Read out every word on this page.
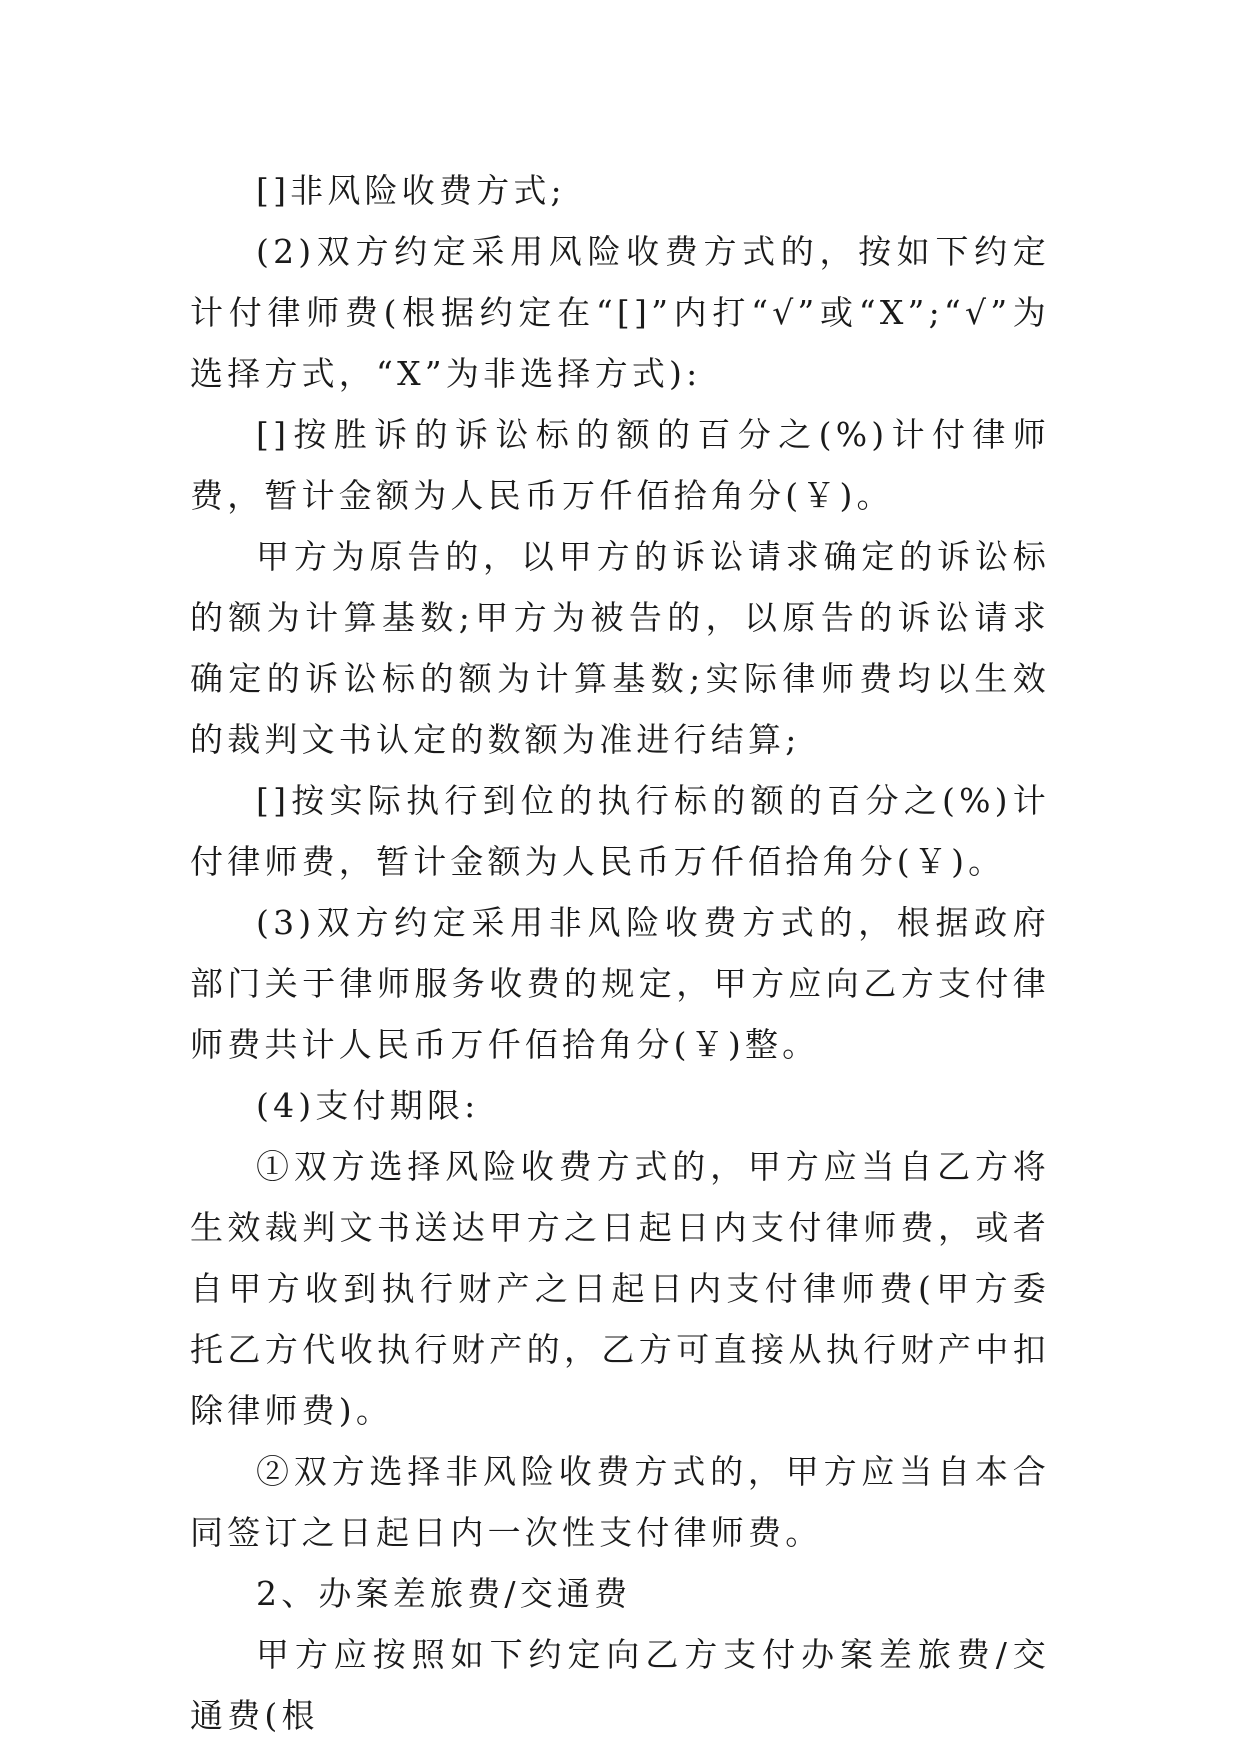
[]非风险收费方式;

(2)双方约定采用风险收费方式的，按如下约定计付律师费(根据约定在“[]”内打“√”或“X”;“√”为选择方式，“X”为非选择方式):

[]按胜诉的诉讼标的额的百分之(%)计付律师费，暂计金额为人民币万仟佰拾角分(￥)。

甲方为原告的，以甲方的诉讼请求确定的诉讼标的额为计算基数;甲方为被告的，以原告的诉讼请求确定的诉讼标的额为计算基数;实际律师费均以生效的裁判文书认定的数额为准进行结算;

[]按实际执行到位的执行标的额的百分之(%)计付律师费，暂计金额为人民币万仟佰拾角分(￥)。

(3)双方约定采用非风险收费方式的，根据政府部门关于律师服务收费的规定，甲方应向乙方支付律师费共计人民币万仟佰拾角分(￥)整。

(4)支付期限:

①双方选择风险收费方式的，甲方应当自乙方将生效裁判文书送达甲方之日起日内支付律师费，或者自甲方收到执行财产之日起日内支付律师费(甲方委托乙方代收执行财产的，乙方可直接从执行财产中扣除律师费)。

②双方选择非风险收费方式的，甲方应当自本合同签订之日起日内一次性支付律师费。

2、办案差旅费/交通费

甲方应按照如下约定向乙方支付办案差旅费/交通费(根
